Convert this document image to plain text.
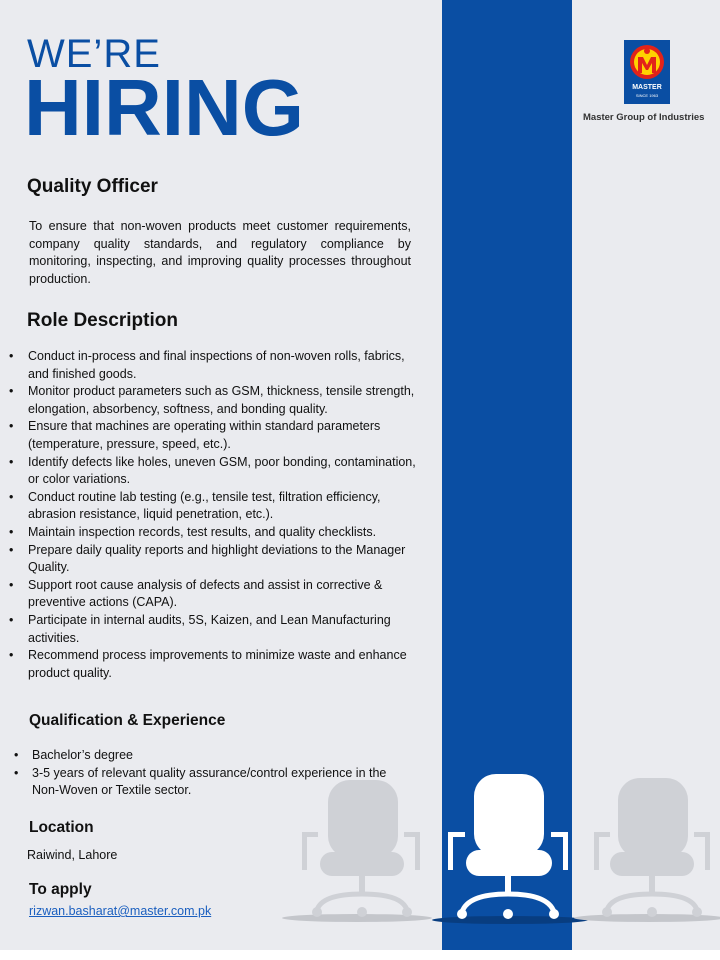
WE’RE
HIRING	MASTER
SINCE 1963
Master Group of Industries
Quality Officer

To ensure that non-woven products meet customer requirements, company quality standards, and regulatory compliance by monitoring, inspecting, and improving quality processes throughout production.

Role Description
• Conduct in-process and final inspections of non-woven rolls, fabrics, and finished goods.
• Monitor product parameters such as GSM, thickness, tensile strength, elongation, absorbency, softness, and bonding quality.
• Ensure that machines are operating within standard parameters (temperature, pressure, speed, etc.).
• Identify defects like holes, uneven GSM, poor bonding, contamination, or color variations.
• Conduct routine lab testing (e.g., tensile test, filtration efficiency, abrasion resistance, liquid penetration, etc.).
• Maintain inspection records, test results, and quality checklists.
• Prepare daily quality reports and highlight deviations to the Manager Quality.
• Support root cause analysis of defects and assist in corrective & preventive actions (CAPA).
• Participate in internal audits, 5S, Kaizen, and Lean Manufacturing activities.
• Recommend process improvements to minimize waste and enhance product quality.
Qualification & Experience
• Bachelor’s degree
• 3-5 years of relevant quality assurance/control experience in the Non-Woven or Textile sector.
Location
Raiwind, Lahore
To apply
rizwan.basharat@master.com.pk
